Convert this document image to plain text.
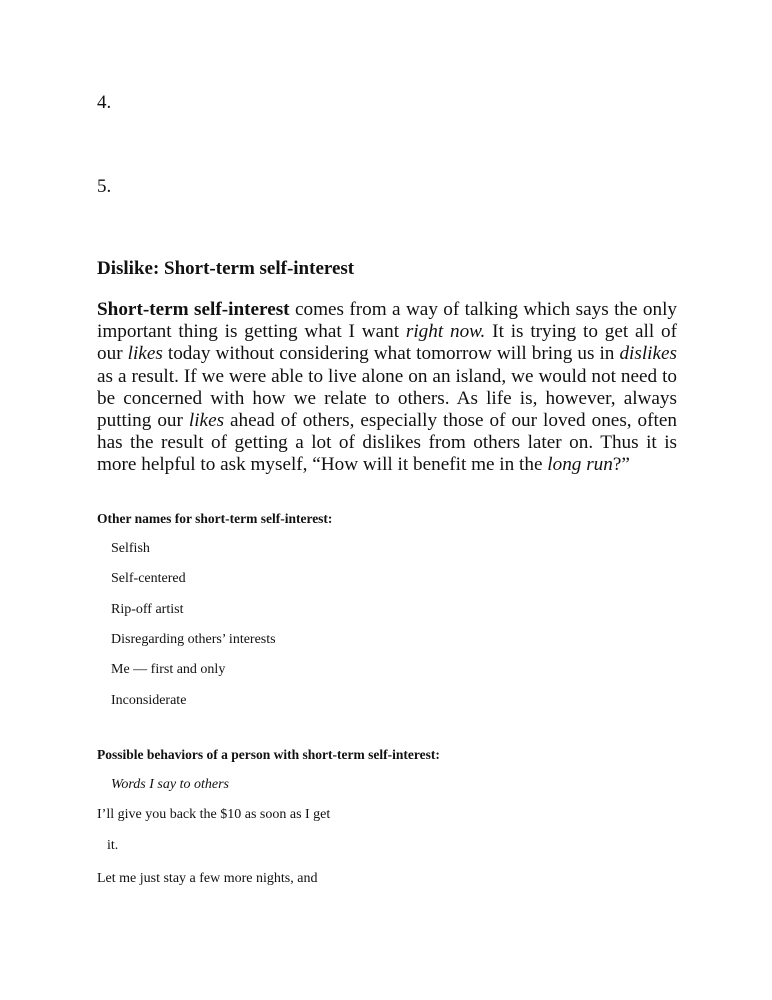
4.
5.
Dislike: Short-term self-interest
Short-term self-interest comes from a way of talking which says the only important thing is getting what I want right now. It is trying to get all of our likes today without considering what tomorrow will bring us in dislikes as a result. If we were able to live alone on an island, we would not need to be concerned with how we relate to others. As life is, however, always putting our likes ahead of others, especially those of our loved ones, often has the result of getting a lot of dislikes from others later on. Thus it is more helpful to ask myself, “How will it benefit me in the long run?”
Other names for short-term self-interest:
Selfish
Self-centered
Rip-off artist
Disregarding others’ interests
Me — first and only
Inconsiderate
Possible behaviors of a person with short-term self-interest:
Words I say to others
I’ll give you back the $10 as soon as I get
it.
Let me just stay a few more nights, and
